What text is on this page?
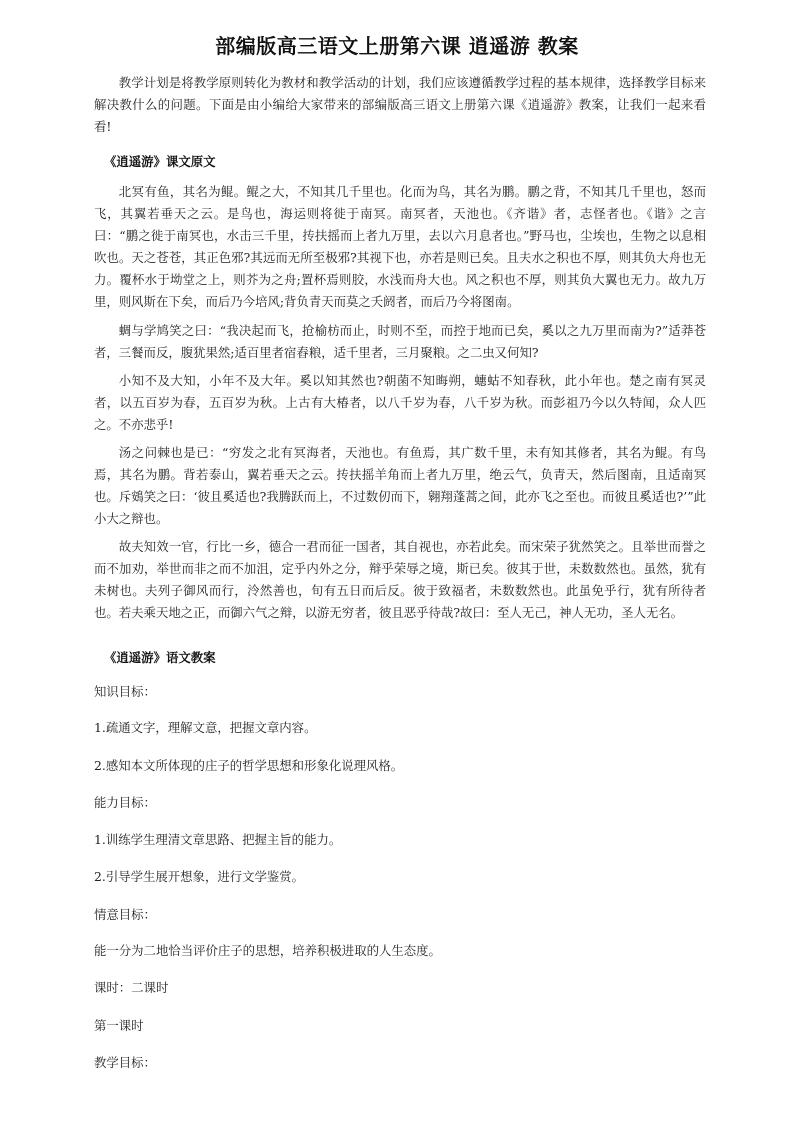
部编版高三语文上册第六课 逍遥游 教案

教学计划是将教学原则转化为教材和教学活动的计划，我们应该遵循教学过程的基本规律，选择教学目标来解决教什么的问题。下面是由小编给大家带来的部编版高三语文上册第六课《逍遥游》教案，让我们一起来看看!

《逍遥游》课文原文

北冥有鱼，其名为鲲。鲲之大，不知其几千里也。化而为鸟，其名为鹏。鹏之背，不知其几千里也，怒而飞，其翼若垂天之云。是鸟也，海运则将徙于南冥。南冥者，天池也。《齐谐》者，志怪者也。《谐》之言曰：“鹏之徙于南冥也，水击三千里，抟扶摇而上者九万里，去以六月息者也。”野马也，尘埃也，生物之以息相吹也。天之苍苍，其正色邪?其远而无所至极邪?其视下也，亦若是则已矣。且夫水之积也不厚，则其负大舟也无力。覆杯水于坳堂之上，则芥为之舟;置杯焉则胶，水浅而舟大也。风之积也不厚，则其负大翼也无力。故九万里，则风斯在下矣，而后乃今培风;背负青天而莫之夭阏者，而后乃今将图南。

蜩与学鸠笑之曰：“我决起而飞，抢榆枋而止，时则不至，而控于地而已矣，奚以之九万里而南为?”适莽苍者，三餐而反，腹犹果然;适百里者宿舂粮，适千里者，三月聚粮。之二虫又何知?

小知不及大知，小年不及大年。奚以知其然也?朝菌不知晦朔，蟪蛄不知春秋，此小年也。楚之南有冥灵者，以五百岁为春，五百岁为秋。上古有大椿者，以八千岁为春，八千岁为秋。而彭祖乃今以久特闻，众人匹之。不亦悲乎!

汤之问棘也是已：“穷发之北有冥海者，天池也。有鱼焉，其广数千里，未有知其修者，其名为鲲。有鸟焉，其名为鹏。背若泰山，翼若垂天之云。抟扶摇羊角而上者九万里，绝云气，负青天，然后图南，且适南冥也。斥鴳笑之曰：‘彼且奚适也?我腾跃而上，不过数仞而下，翱翔蓬蒿之间，此亦飞之至也。而彼且奚适也?’”此小大之辩也。

故夫知效一官，行比一乡，德合一君而征一国者，其自视也，亦若此矣。而宋荣子犹然笑之。且举世而誉之而不加劝，举世而非之而不加沮，定乎内外之分，辩乎荣辱之境，斯已矣。彼其于世，未数数然也。虽然，犹有未树也。夫列子御风而行，泠然善也，旬有五日而后反。彼于致福者，未数数然也。此虽免乎行，犹有所待者也。若夫乘天地之正，而御六气之辩，以游无穷者，彼且恶乎待哉?故曰：至人无己，神人无功，圣人无名。

《逍遥游》语文教案

知识目标：

1.疏通文字，理解文意，把握文章内容。

2.感知本文所体现的庄子的哲学思想和形象化说理风格。

能力目标：

1.训练学生理清文章思路、把握主旨的能力。

2.引导学生展开想象，进行文学鉴赏。

情意目标：

能一分为二地恰当评价庄子的思想，培养积极进取的人生态度。

课时：二课时

第一课时

教学目标：
